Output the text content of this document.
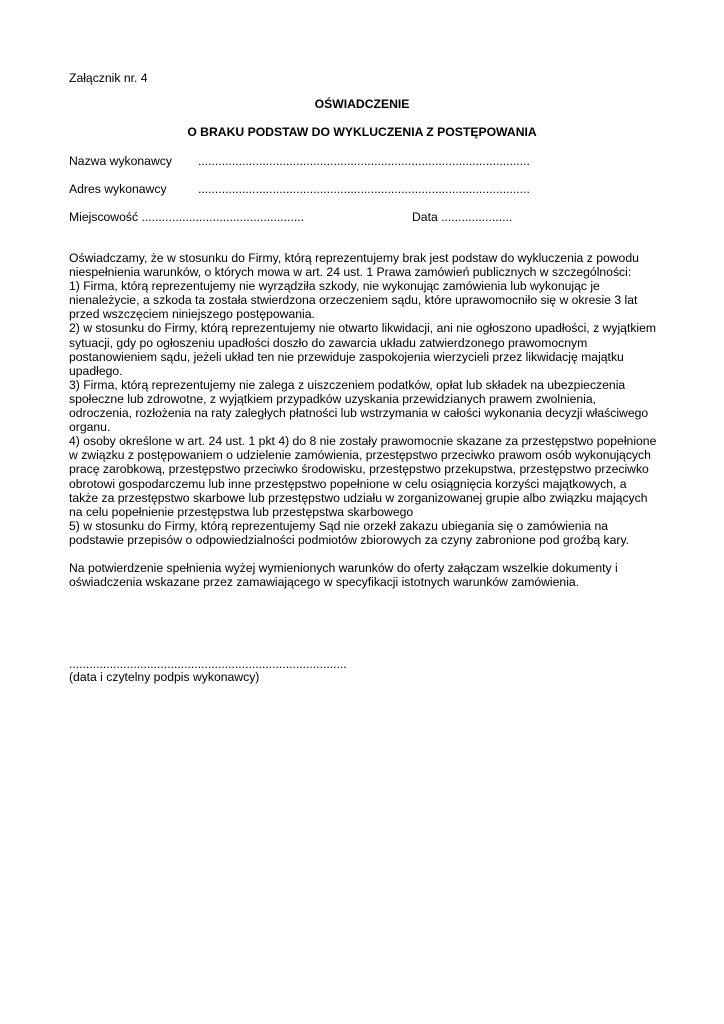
Załącznik nr. 4
OŚWIADCZENIE
O BRAKU PODSTAW DO WYKLUCZENIA Z POSTĘPOWANIA
Nazwa wykonawcy ..................................................................................................
Adres wykonawcy	..................................................................................................
Miejscowość ................................................	Data .....................
Oświadczamy, że w stosunku do Firmy, którą reprezentujemy brak jest podstaw do wykluczenia z powodu
niespełnienia warunków, o których mowa w art. 24 ust. 1 Prawa zamówień publicznych w szczególności:
1) Firma, którą reprezentujemy nie wyrządziła szkody, nie wykonując zamówienia lub wykonując je
nienależycie, a szkoda ta została stwierdzona orzeczeniem sądu, które uprawomocniło się w okresie 3 lat
przed wszczęciem niniejszego postępowania.
2) w stosunku do Firmy, którą reprezentujemy nie otwarto likwidacji, ani nie ogłoszono upadłości, z wyjątkiem
sytuacji, gdy po ogłoszeniu upadłości doszło do zawarcia układu zatwierdzonego prawomocnym
postanowieniem sądu, jeżeli układ ten nie przewiduje zaspokojenia wierzycieli przez likwidację majątku
upadłego.
3) Firma, którą reprezentujemy nie zalega z uiszczeniem podatków, opłat lub składek na ubezpieczenia
społeczne lub zdrowotne, z wyjątkiem przypadków uzyskania przewidzianych prawem zwolnienia,
odroczenia, rozłożenia na raty zaległych płatności lub wstrzymania w całości wykonania decyzji właściwego
organu.
4) osoby określone w art. 24 ust. 1 pkt 4) do 8 nie zostały prawomocnie skazane za przestępstwo popełnione
w związku z postępowaniem o udzielenie zamówienia, przestępstwo przeciwko prawom osób wykonujących
pracę zarobkową, przestępstwo przeciwko środowisku, przestępstwo przekupstwa, przestępstwo przeciwko
obrotowi gospodarczemu lub inne przestępstwo popełnione w celu osiągnięcia korzyści majątkowych, a
także za przestępstwo skarbowe lub przestępstwo udziału w zorganizowanej grupie albo związku mających
na celu popełnienie przestępstwa lub przestępstwa skarbowego
5) w stosunku do Firmy, którą reprezentujemy Sąd nie orzekł zakazu ubiegania się o zamówienia na
podstawie przepisów o odpowiedzialności podmiotów zbiorowych za czyny zabronione pod groźbą kary.
Na potwierdzenie spełnienia wyżej wymienionych warunków do oferty załączam wszelkie dokumenty i
oświadczenia wskazane przez zamawiającego w specyfikacji istotnych warunków zamówienia.
..................................................................................
(data i czytelny podpis wykonawcy)
